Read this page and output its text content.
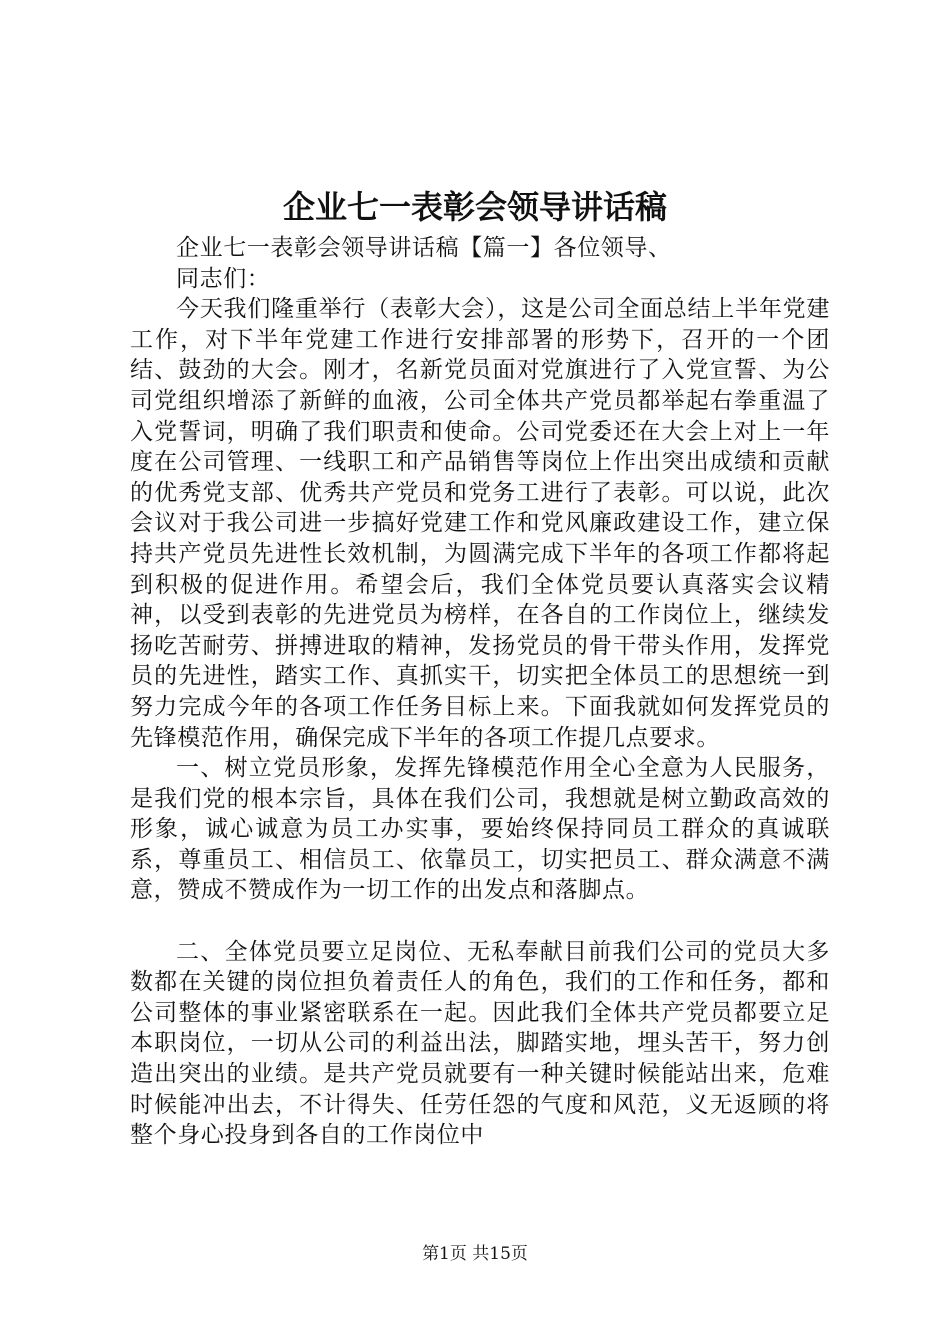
企业七一表彰会领导讲话稿
企业七一表彰会领导讲话稿【篇一】各位领导、
同志们：
今天我们隆重举行（表彰大会），这是公司全面总结上半年党建工作，对下半年党建工作进行安排部署的形势下，召开的一个团结、鼓劲的大会。刚才，名新党员面对党旗进行了入党宣誓、为公司党组织增添了新鲜的血液，公司全体共产党员都举起右拳重温了入党誓词，明确了我们职责和使命。公司党委还在大会上对上一年度在公司管理、一线职工和产品销售等岗位上作出突出成绩和贡献的优秀党支部、优秀共产党员和党务工进行了表彰。可以说，此次会议对于我公司进一步搞好党建工作和党风廉政建设工作，建立保持共产党员先进性长效机制，为圆满完成下半年的各项工作都将起到积极的促进作用。希望会后，我们全体党员要认真落实会议精神，以受到表彰的先进党员为榜样，在各自的工作岗位上，继续发扬吃苦耐劳、拼搏进取的精神，发扬党员的骨干带头作用，发挥党员的先进性，踏实工作、真抓实干，切实把全体员工的思想统一到努力完成今年的各项工作任务目标上来。下面我就如何发挥党员的先锋模范作用，确保完成下半年的各项工作提几点要求。
一、树立党员形象，发挥先锋模范作用全心全意为人民服务，是我们党的根本宗旨，具体在我们公司，我想就是树立勤政高效的形象，诚心诚意为员工办实事，要始终保持同员工群众的真诚联系，尊重员工、相信员工、依靠员工，切实把员工、群众满意不满意，赞成不赞成作为一切工作的出发点和落脚点。
二、全体党员要立足岗位、无私奉献目前我们公司的党员大多数都在关键的岗位担负着责任人的角色，我们的工作和任务，都和公司整体的事业紧密联系在一起。因此我们全体共产党员都要立足本职岗位，一切从公司的利益出法，脚踏实地，埋头苦干，努力创造出突出的业绩。是共产党员就要有一种关键时候能站出来，危难时候能冲出去，不计得失、任劳任怨的气度和风范，义无返顾的将整个身心投身到各自的工作岗位中
第1页 共15页
